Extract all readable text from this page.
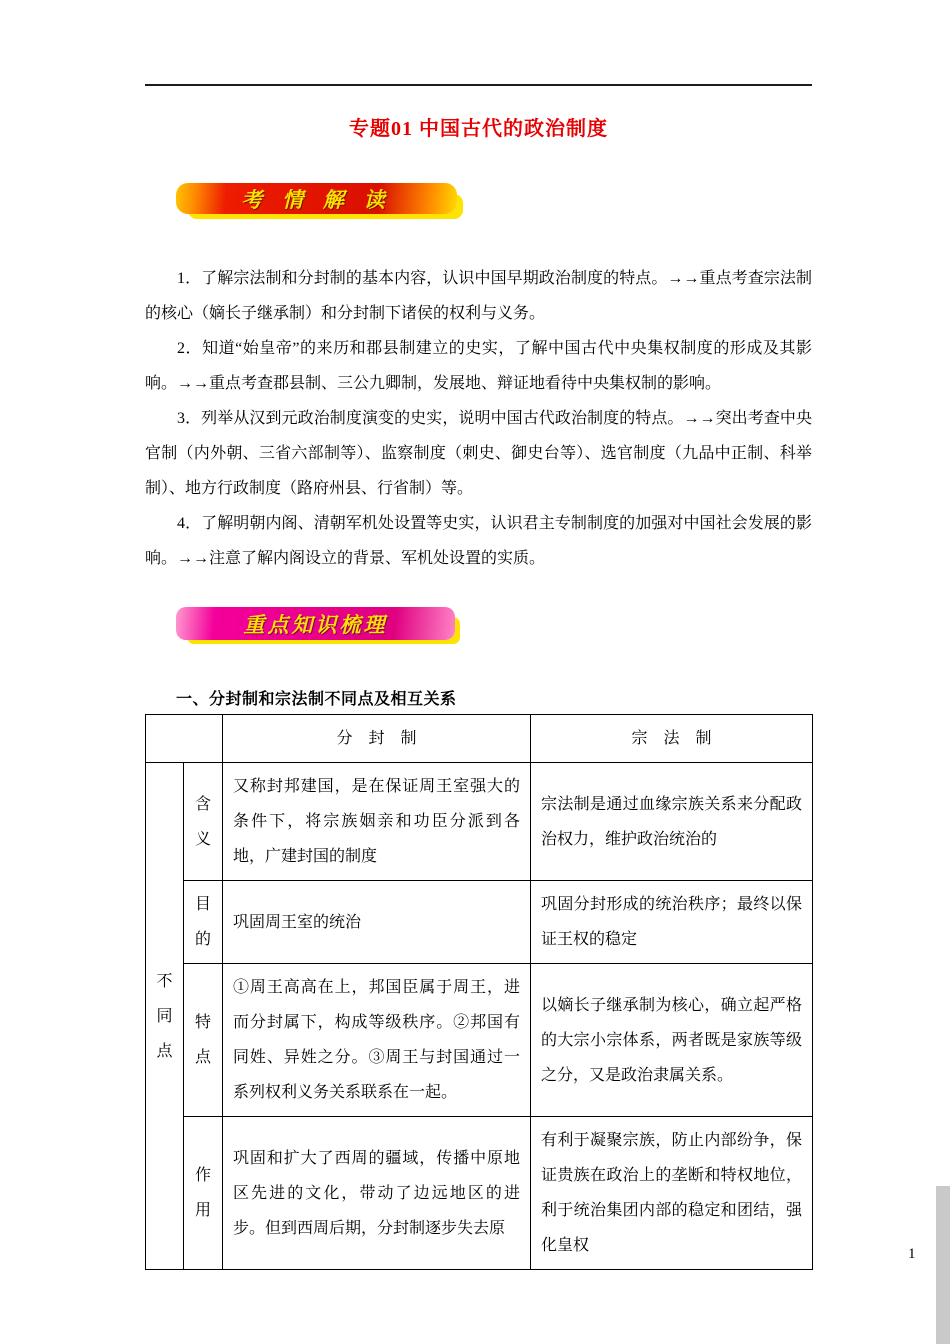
专题01 中国古代的政治制度
考 情 解 读

1．了解宗法制和分封制的基本内容，认识中国早期政治制度的特点。→→重点考查宗法制的核心（嫡长子继承制）和分封制下诸侯的权利与义务。

2．知道“始皇帝”的来历和郡县制建立的史实，了解中国古代中央集权制度的形成及其影响。→→重点考查郡县制、三公九卿制，发展地、辩证地看待中央集权制的影响。

3．列举从汉到元政治制度演变的史实，说明中国古代政治制度的特点。→→突出考查中央官制（内外朝、三省六部制等）、监察制度（刺史、御史台等）、选官制度（九品中正制、科举制）、地方行政制度（路府州县、行省制）等。

4．了解明朝内阁、清朝军机处设置等史实，认识君主专制制度的加强对中国社会发展的影响。→→注意了解内阁设立的背景、军机处设置的实质。

重点知识梳理
一、分封制和宗法制不同点及相互关系
		分　封　制	宗　法　制
不同点	含义	又称封邦建国，是在保证周王室强大的条件下，将宗族姻亲和功臣分派到各地，广建封国的制度	宗法制是通过血缘宗族关系来分配政治权力，维护政治统治的
	目的	巩固周王室的统治	巩固分封形成的统治秩序；最终以保证王权的稳定
	特点	①周王高高在上，邦国臣属于周王，进而分封属下，构成等级秩序。②邦国有同姓、异姓之分。③周王与封国通过一系列权利义务关系联系在一起。	以嫡长子继承制为核心，确立起严格的大宗小宗体系，两者既是家族等级之分，又是政治隶属关系。
	作用	巩固和扩大了西周的疆域，传播中原地区先进的文化，带动了边远地区的进步。但到西周后期，分封制逐步失去原	有利于凝聚宗族，防止内部纷争，保证贵族在政治上的垄断和特权地位，利于统治集团内部的稳定和团结，强化皇权	1
